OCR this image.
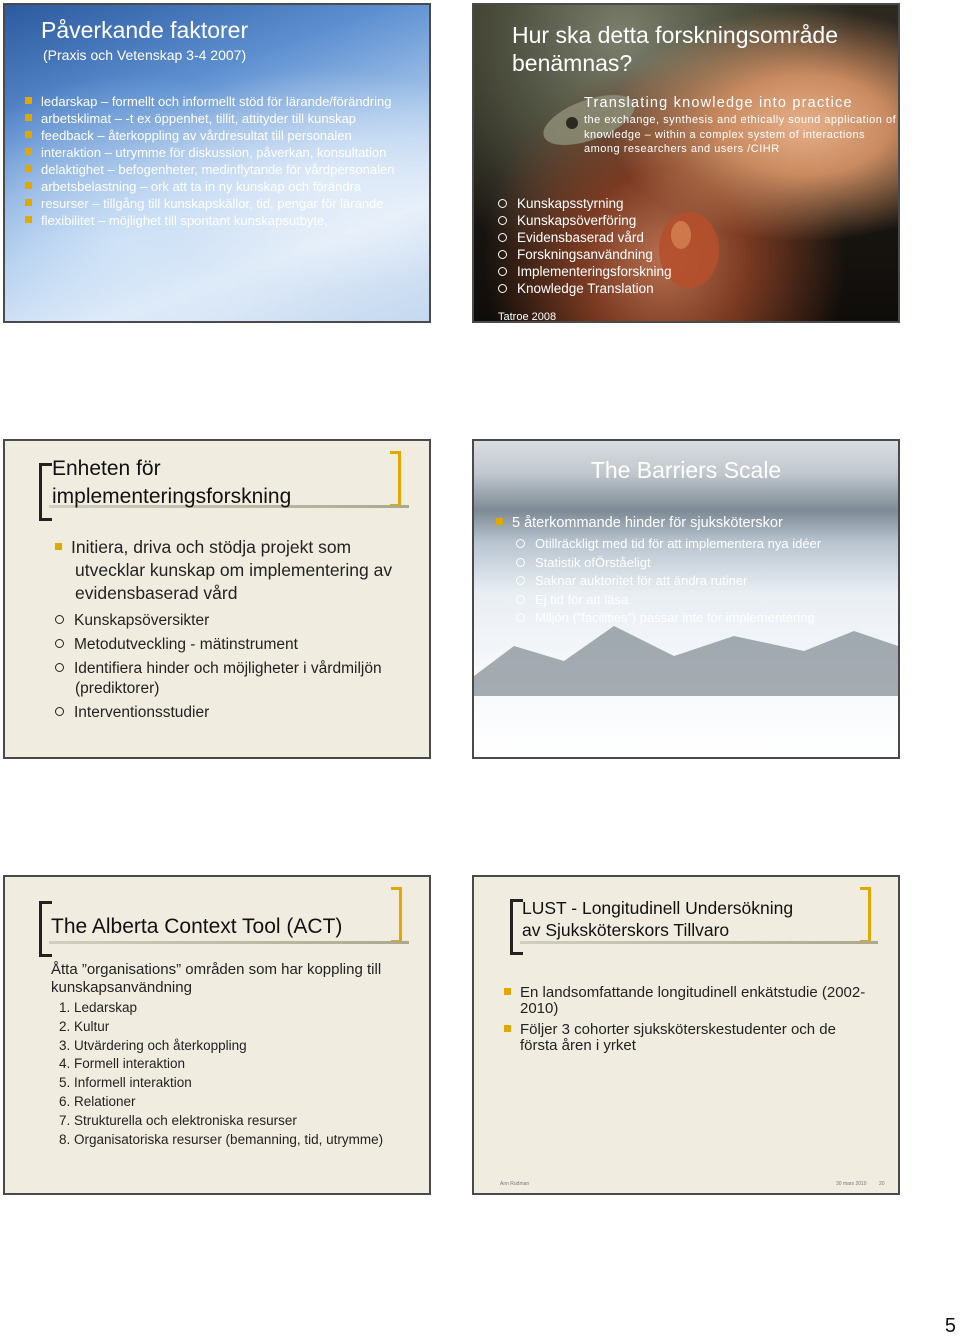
Påverkande faktorer
(Praxis och Vetenskap 3-4 2007)
ledarskap – formellt och informellt stöd för lärande/förändring
arbetsklimat – -t ex öppenhet, tillit, attityder till kunskap
feedback – återkoppling av vårdresultat till personalen
interaktion – utrymme för diskussion, påverkan, konsultation
delaktighet – befogenheter, medinflytande för vårdpersonalen
arbetsbelastning – ork att ta in ny kunskap och förändra
resurser – tillgång till kunskapskällor, tid, pengar för lärande
flexibilitet – möjlighet till spontant kunskapsutbyte,
Hur ska detta forskningsområde benämnas?
Translating knowledge into practice
the exchange, synthesis and ethically sound application of knowledge – within a complex system of interactions among researchers and users /CIHR
Kunskapsstyrning
Kunskapsöverföring
Evidensbaserad vård
Forskningsanvändning
Implementeringsforskning
Knowledge Translation
Tatroe 2008
Enheten för
implementeringsforskning
Initiera, driva och stödja projekt som utvecklar kunskap om implementering av evidensbaserad vård
Kunskapsöversikter
Metodutveckling - mätinstrument
Identifiera hinder och möjligheter i vårdmiljön (prediktorer)
Interventionsstudier
The Barriers Scale
5 återkommande hinder för sjuksköterskor
Otillräckligt med tid för att implementera nya idéer
Statistik ofÖrståeligt
Saknar auktoritet för att ändra rutiner
Ej tid för att läsa
Miljön (”facilities”) passar inte för implementering
The Alberta Context Tool (ACT)
Åtta ”organisations” områden som har koppling till kunskapsanvändning
1. Ledarskap
2. Kultur
3. Utvärdering och återkoppling
4. Formell interaktion
5. Informell interaktion
6. Relationer
7. Strukturella och elektroniska resurser
8. Organisatoriska resurser (bemanning, tid, utrymme)
LUST - Longitudinell Undersökning
av Sjuksköterskors Tillvaro
En landsomfattande longitudinell enkätstudie (2002-2010)
Följer 3 cohorter sjuksköterskestudenter och de första åren i yrket
Ann Rudman	30 mars 2010 20
5
